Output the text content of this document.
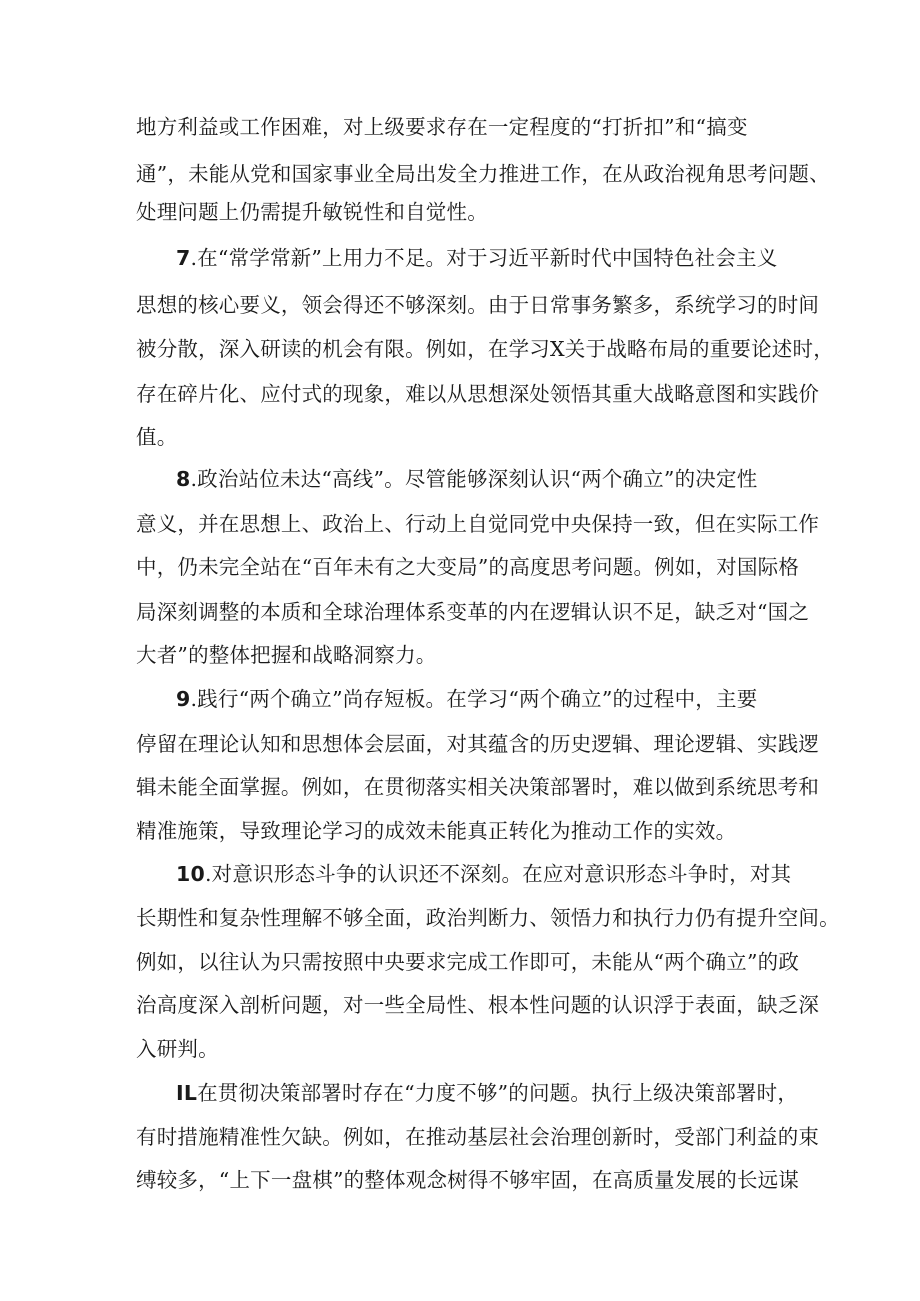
地方利益或工作困难，对上级要求存在一定程度的“打折扣”和“搞变
通”，未能从党和国家事业全局出发全力推进工作，在从政治视角思考问题、
处理问题上仍需提升敏锐性和自觉性。
7.在“常学常新”上用力不足。对于习近平新时代中国特色社会主义
思想的核心要义，领会得还不够深刻。由于日常事务繁多，系统学习的时间
被分散，深入研读的机会有限。例如，在学习X关于战略布局的重要论述时，
存在碎片化、应付式的现象，难以从思想深处领悟其重大战略意图和实践价
值。
8.政治站位未达“高线”。尽管能够深刻认识“两个确立”的决定性
意义，并在思想上、政治上、行动上自觉同党中央保持一致，但在实际工作
中，仍未完全站在“百年未有之大变局”的高度思考问题。例如，对国际格
局深刻调整的本质和全球治理体系变革的内在逻辑认识不足，缺乏对“国之
大者”的整体把握和战略洞察力。
9.践行“两个确立”尚存短板。在学习“两个确立”的过程中，主要
停留在理论认知和思想体会层面，对其蕴含的历史逻辑、理论逻辑、实践逻
辑未能全面掌握。例如，在贯彻落实相关决策部署时，难以做到系统思考和
精准施策，导致理论学习的成效未能真正转化为推动工作的实效。
10.对意识形态斗争的认识还不深刻。在应对意识形态斗争时，对其
长期性和复杂性理解不够全面，政治判断力、领悟力和执行力仍有提升空间。
例如，以往认为只需按照中央要求完成工作即可，未能从“两个确立”的政
治高度深入剖析问题，对一些全局性、根本性问题的认识浮于表面，缺乏深
入研判。
IL在贯彻决策部署时存在“力度不够”的问题。执行上级决策部署时，
有时措施精准性欠缺。例如，在推动基层社会治理创新时，受部门利益的束
缚较多，“上下一盘棋”的整体观念树得不够牢固，在高质量发展的长远谋
